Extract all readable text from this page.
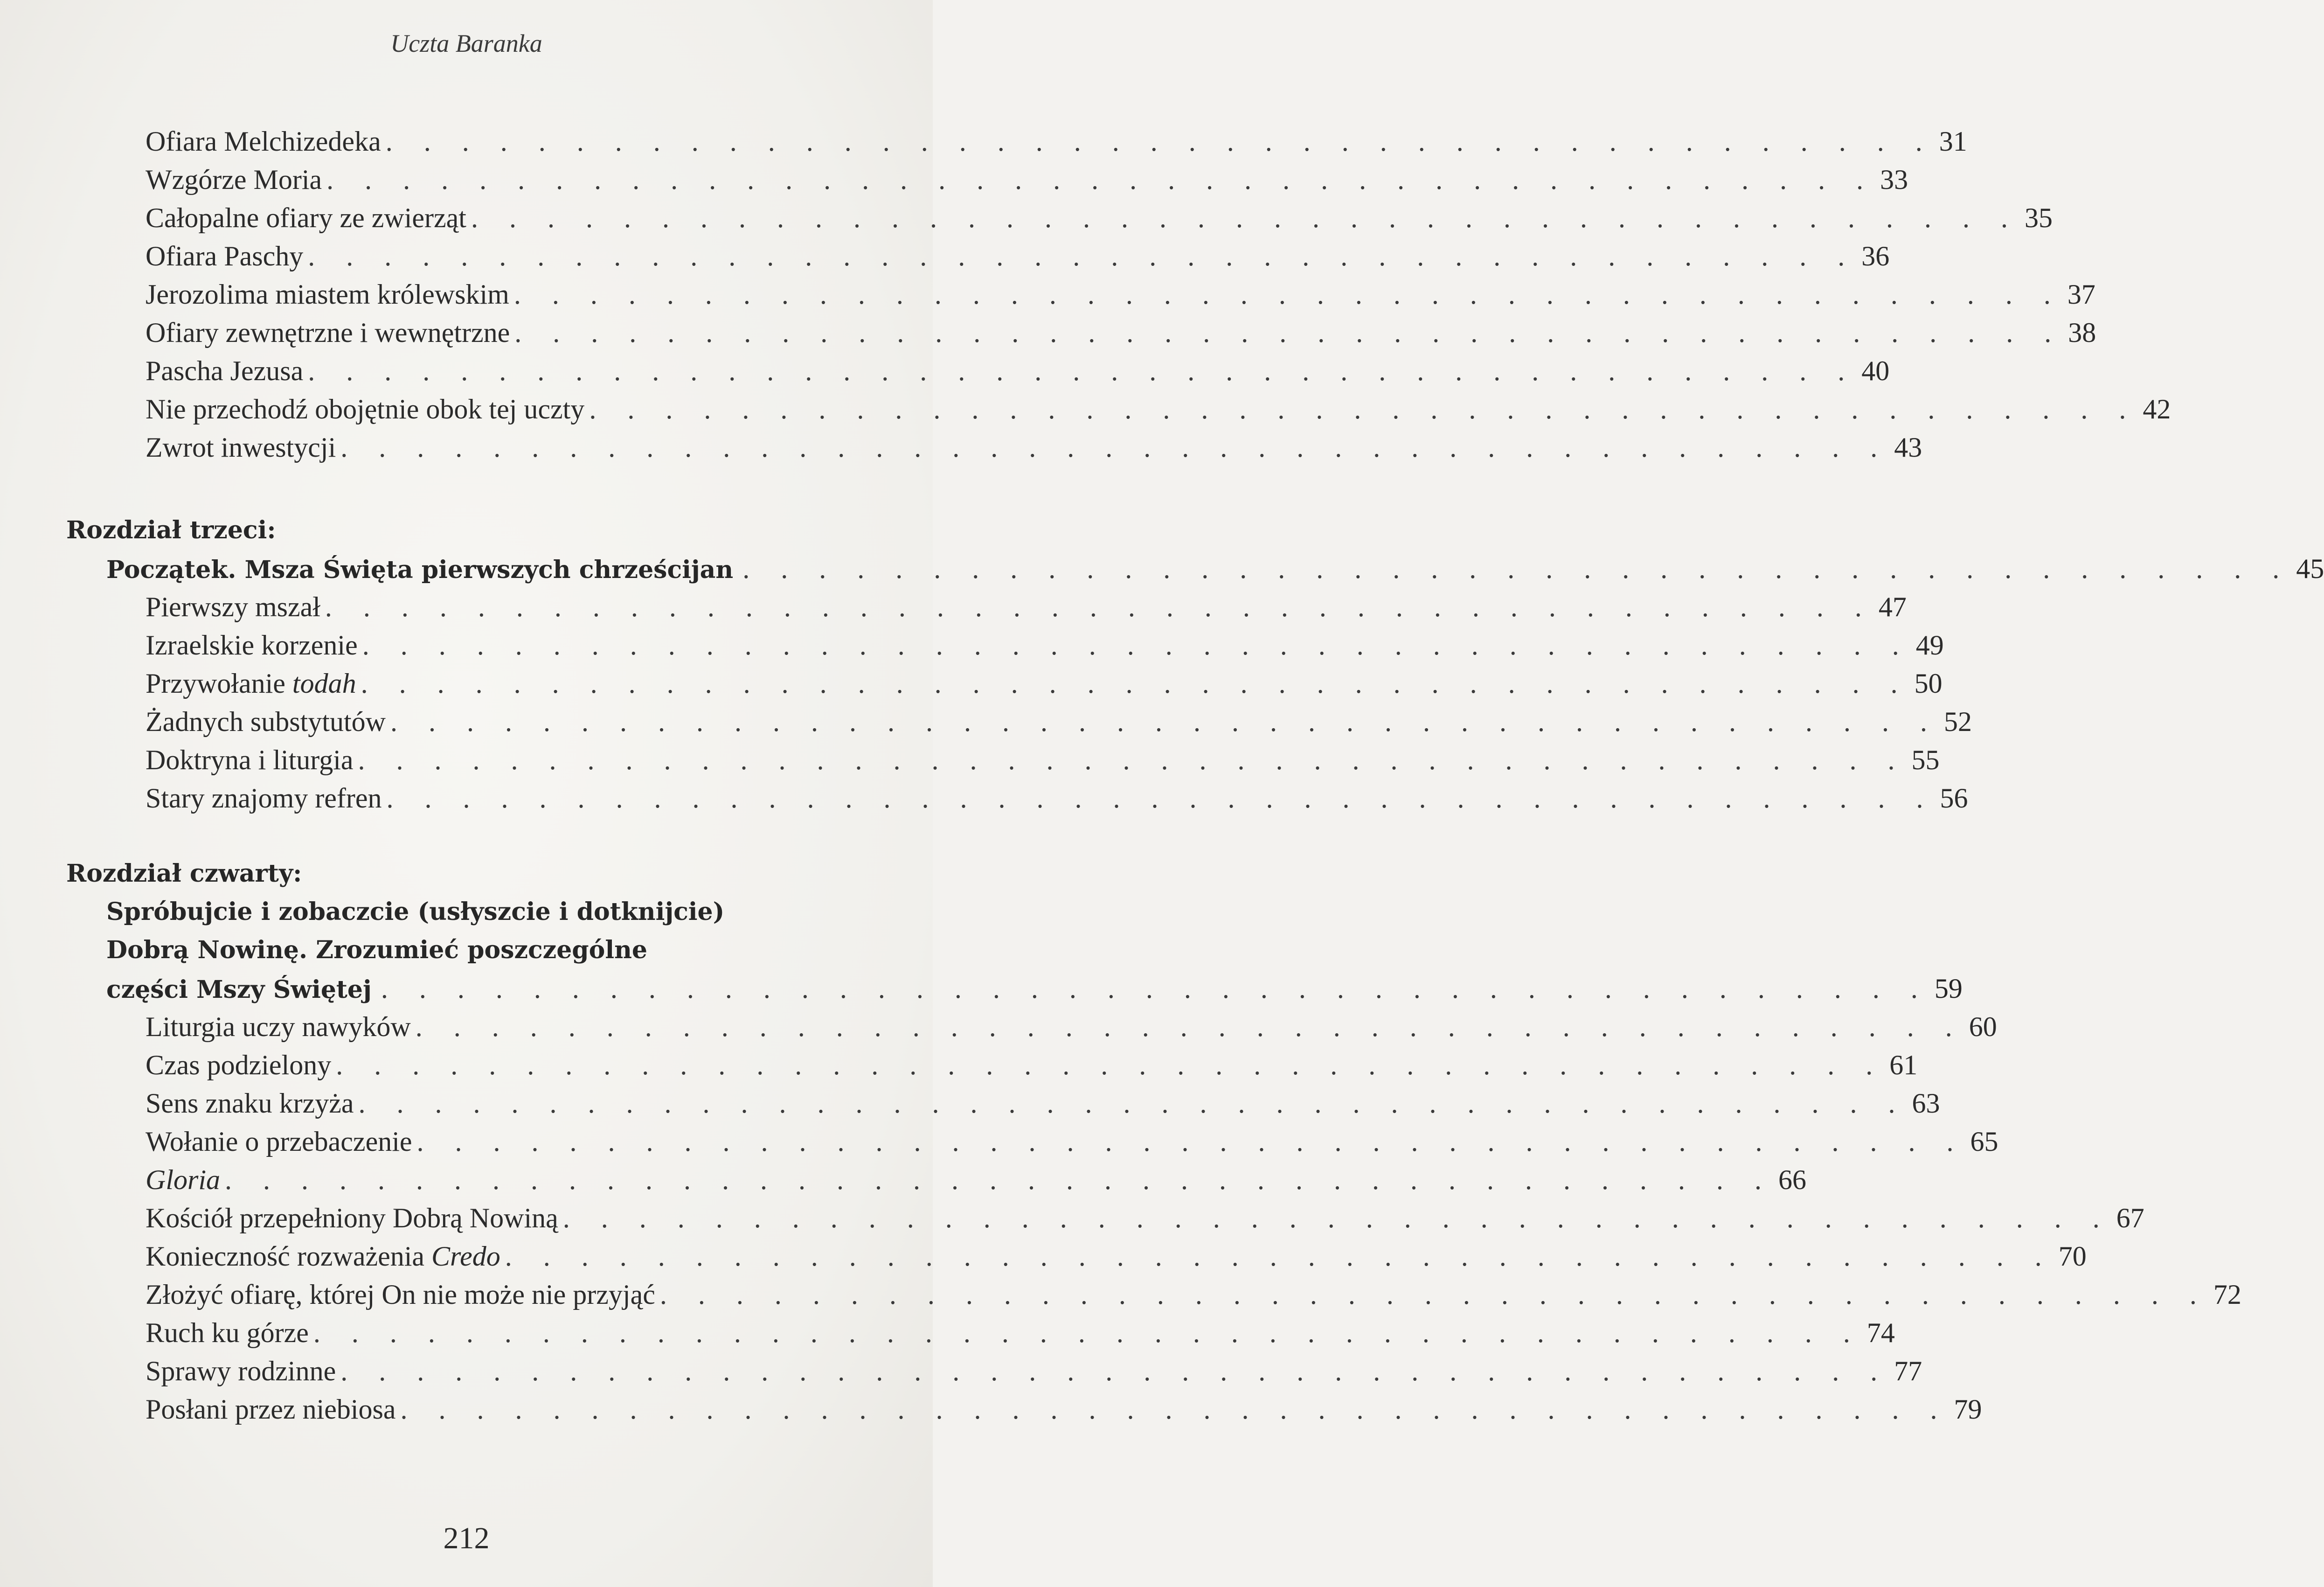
Uczta Baranka
Ofiara Melchizedeka . . . . . . . . . . . . . . . . . . . . . . . . . . . . . . . . . . . . . . . . . 31
Wzgórze Moria . . . . . . . . . . . . . . . . . . . . . . . . . . . . . . . . . . . . . . . . . 33
Całopalne ofiary ze zwierząt . . . . . . . . . . . . . . . . . . . . . . . . . . . . . . . . . . . . . . . . . 35
Ofiara Paschy . . . . . . . . . . . . . . . . . . . . . . . . . . . . . . . . . . . . . . . . . 36
Jerozolima miastem królewskim . . . . . . . . . . . . . . . . . . . . . . . . . . . . . . . . . . . . . . . . . 37
Ofiary zewnętrzne i wewnętrzne . . . . . . . . . . . . . . . . . . . . . . . . . . . . . . . . . . . . . . . . . 38
Pascha Jezusa . . . . . . . . . . . . . . . . . . . . . . . . . . . . . . . . . . . . . . . . . 40
Nie przechodź obojętnie obok tej uczty . . . . . . . . . . . . . . . . . . . . . . . . . . . . . . . . . . . . . . . . . 42
Zwrot inwestycji . . . . . . . . . . . . . . . . . . . . . . . . . . . . . . . . . . . . . . . . . 43
Rozdział trzeci:
Początek. Msza Święta pierwszych chrześcijan . . . . . . . . . . . . . . . . . . . . . . . . . . . . . . . . . . . . . . . . . 45
Pierwszy mszał . . . . . . . . . . . . . . . . . . . . . . . . . . . . . . . . . . . . . . . . . 47
Izraelskie korzenie . . . . . . . . . . . . . . . . . . . . . . . . . . . . . . . . . . . . . . . . . 49
Przywołanie todah . . . . . . . . . . . . . . . . . . . . . . . . . . . . . . . . . . . . . . . . . 50
Żadnych substytutów . . . . . . . . . . . . . . . . . . . . . . . . . . . . . . . . . . . . . . . . . 52
Doktryna i liturgia . . . . . . . . . . . . . . . . . . . . . . . . . . . . . . . . . . . . . . . . . 55
Stary znajomy refren . . . . . . . . . . . . . . . . . . . . . . . . . . . . . . . . . . . . . . . . . 56
Rozdział czwarty:
Spróbujcie i zobaczcie (usłyszcie i dotknijcie)
Dobrą Nowinę. Zrozumieć poszczególne
części Mszy Świętej . . . . . . . . . . . . . . . . . . . . . . . . . . . . . . . . . . . . . . . . . 59
Liturgia uczy nawyków . . . . . . . . . . . . . . . . . . . . . . . . . . . . . . . . . . . . . . . . . 60
Czas podzielony . . . . . . . . . . . . . . . . . . . . . . . . . . . . . . . . . . . . . . . . . 61
Sens znaku krzyża . . . . . . . . . . . . . . . . . . . . . . . . . . . . . . . . . . . . . . . . . 63
Wołanie o przebaczenie . . . . . . . . . . . . . . . . . . . . . . . . . . . . . . . . . . . . . . . . . 65
Gloria . . . . . . . . . . . . . . . . . . . . . . . . . . . . . . . . . . . . . . . . . 66
Kościół przepełniony Dobrą Nowiną . . . . . . . . . . . . . . . . . . . . . . . . . . . . . . . . . . . . . . . . . 67
Konieczność rozważenia Credo . . . . . . . . . . . . . . . . . . . . . . . . . . . . . . . . . . . . . . . . . 70
Złożyć ofiarę, której On nie może nie przyjąć . . . . . . . . . . . . . . . . . . . . . . . . . . . . . . . . . . . . . . . . . 72
Ruch ku górze . . . . . . . . . . . . . . . . . . . . . . . . . . . . . . . . . . . . . . . . . 74
Sprawy rodzinne . . . . . . . . . . . . . . . . . . . . . . . . . . . . . . . . . . . . . . . . . 77
Posłani przez niebiosa . . . . . . . . . . . . . . . . . . . . . . . . . . . . . . . . . . . . . . . . . 79
212
